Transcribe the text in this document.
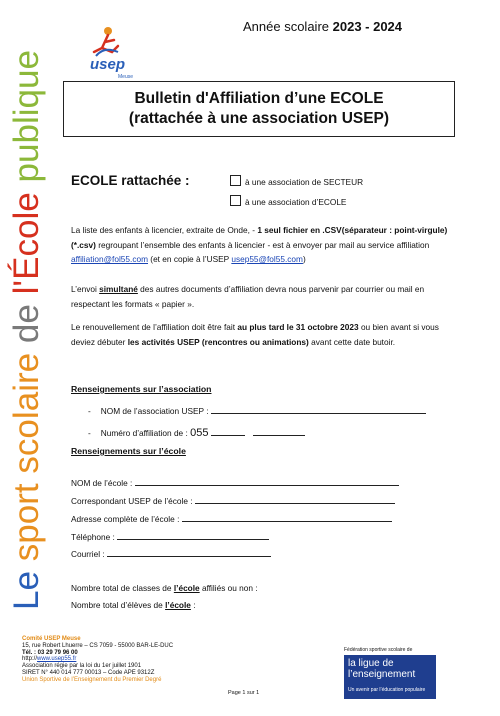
Le sport scolaire de l'École publique
Année scolaire 2023 - 2024
usep
Meuse
Bulletin d'Affiliation d’une ECOLE
(rattachée à une association USEP)
ECOLE rattachée :	à une association de SECTEUR
à une association d’ECOLE

La liste des enfants à licencier, extraite de Onde, - 1 seul fichier en .CSV(séparateur : point-virgule)(*.csv) regroupant l’ensemble des enfants à licencier - est à envoyer par mail au service affiliation affiliation@fol55.com (et en copie à l’USEP usep55@fol55.com)

L’envoi simultané des autres documents d’affiliation devra nous parvenir par courrier ou mail en respectant les formats « papier ».

Le renouvellement de l’affiliation doit être fait au plus tard le 31 octobre 2023 ou bien avant si vous deviez débuter les activités USEP (rencontres ou animations) avant cette date butoir.

Renseignements sur l’association
- NOM de l’association USEP :
- Numéro d’affiliation de : 055
Renseignements sur l’école
NOM de l’école :
Correspondant USEP de l’école :
Adresse complète de l’école :
Téléphone :
Courriel :
Nombre total de classes de l’école affiliés ou non :
Nombre total d’élèves de l’école :
Comité USEP Meuse
15, rue Robert Lhuerre – CS 7059 - 55000 BAR-LE-DUC
Tél. : 03 29 79 96 00
http://www.usep55.fr
Association régie par la loi du 1er juillet 1901
SIRET N° 440 014 777 00013 – Code APE 9312Z
Union Sportive de l’Enseignement du Premier Degré
Page 1 sur 1
Fédération sportive scolaire de
la ligue de
l’enseignement
Un avenir par l’éducation populaire
